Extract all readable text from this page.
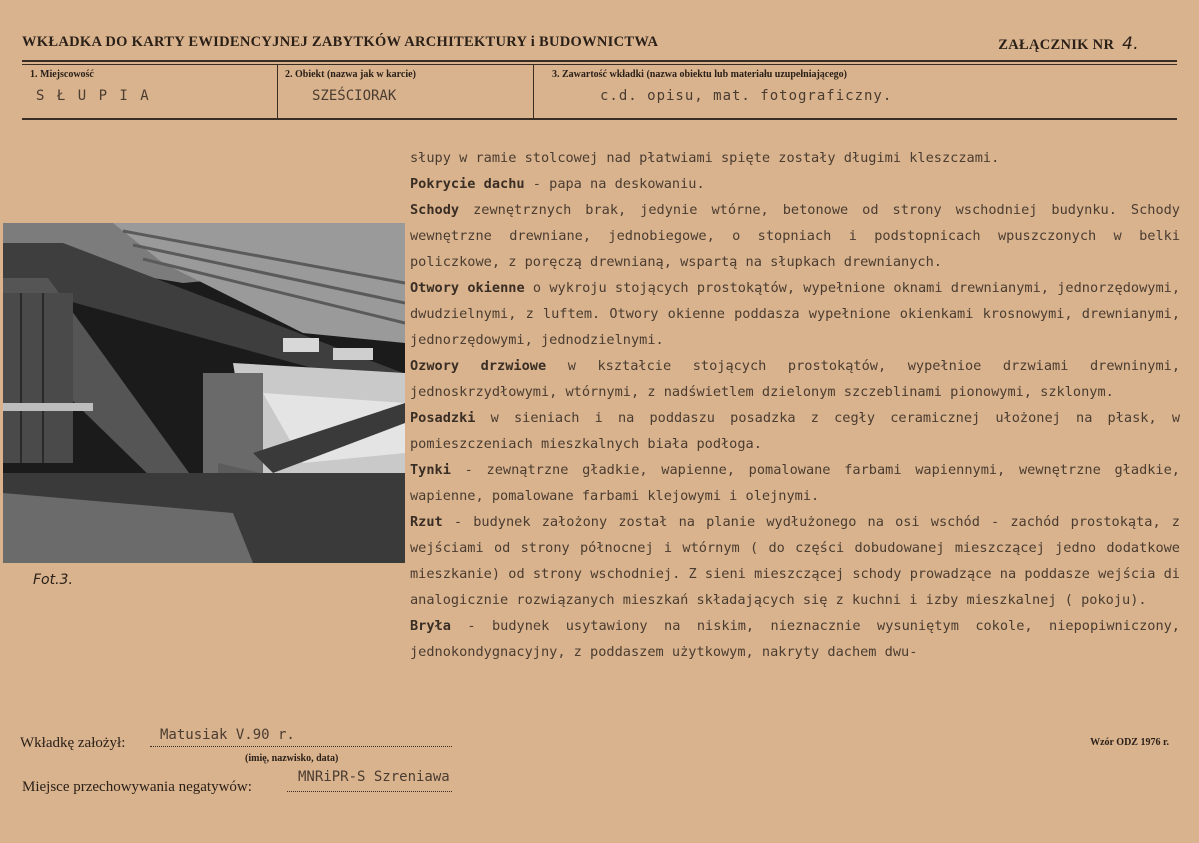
WKŁADKA DO KARTY EWIDENCYJNEJ ZABYTKÓW ARCHITEKTURY i BUDOWNICTWA	ZAŁĄCZNIK NR 4.
1. Miejscowość
S Ł U P I A
2. Obiekt (nazwa jak w karcie)
SZEŚCIORAK
3. Zawartość wkładki (nazwa obiektu lub materiału uzupełniającego)
c.d. opisu, mat. fotograficzny.
Fot.3.

słupy w ramie stolcowej nad płatwiami spięte zostały długimi kleszczami.

Pokrycie dachu - papa na deskowaniu.

Schody zewnętrznych brak, jedynie wtórne, betonowe od strony wschodniej budynku. Schody wewnętrzne drewniane, jednobiegowe, o stopniach i podstopnicach wpuszczonych w belki policzkowe, z poręczą drewnianą, wspartą na słupkach drewnianych.

Otwory okienne o wykroju stojących prostokątów, wypełnione oknami drewnianymi, jednorzędowymi, dwudzielnymi, z luftem. Otwory okienne poddasza wypełnione okienkami krosnowymi, drewnianymi, jednorzędowymi, jednodzielnymi.

Ozwory drzwiowe w kształcie stojących prostokątów, wypełnioe drzwiami drewninymi, jednoskrzydłowymi, wtórnymi, z nadświetlem dzielonym szczeblinami pionowymi, szklonym.

Posadzki w sieniach i na poddaszu posadzka z cegły ceramicznej ułożonej na płask, w pomieszczeniach mieszkalnych biała podłoga.

Tynki - zewnątrzne gładkie, wapienne, pomalowane farbami wapiennymi, wewnętrzne gładkie, wapienne, pomalowane farbami klejowymi i olejnymi.

Rzut - budynek założony został na planie wydłużonego na osi wschód - zachód prostokąta, z wejściami od strony północnej i wtórnym ( do części dobudowanej mieszczącej jedno dodatkowe mieszkanie) od strony wschodniej. Z sieni mieszczącej schody prowadzące na poddasze wejścia di analogicznie rozwiązanych mieszkań składających się z kuchni i izby mieszkalnej ( pokoju).

Bryła - budynek usytawiony na niskim, nieznacznie wysuniętym cokole, niepopiwniczony, jednokondygnacyjny, z poddaszem użytkowym, nakryty dachem dwu-

Wkładkę założył: Matusiak V.90 r.
(imię, nazwisko, data)
Miejsce przechowywania negatywów:
MNRiPR-S Szreniawa
Wzór ODZ 1976 r.
